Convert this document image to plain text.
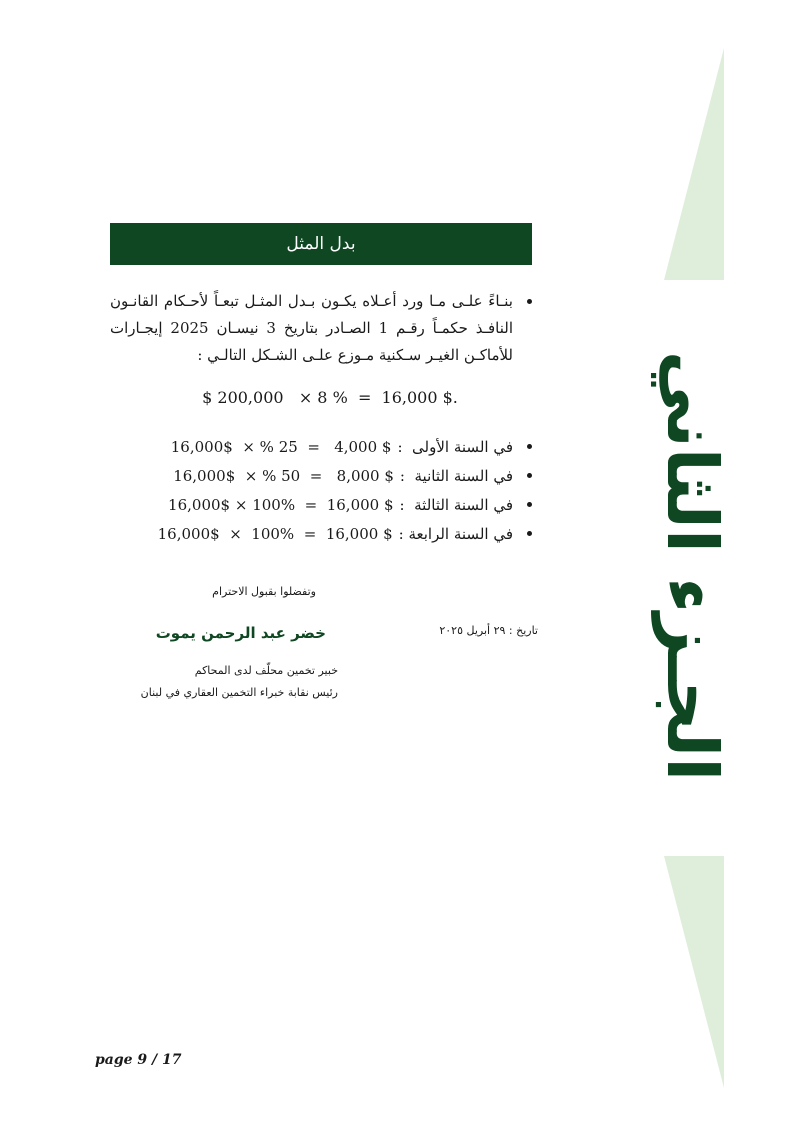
الجـزء الثاني
بدل المثل
بنـاءً علـى مـا ورد أعـلاه يكـون بـدل المثـل تبعـاً لأحـكام القانـون النافـذ حكمـاً رقـم 1 الصـادر بتاريخ 3 نيسـان 2025 إيجـارات للأماكـن الغيـر سـكنية مـوزع علـى الشـكل التالـي :
$ 200,000   × 8 %  =  16,000 $.
في السنة الأولى  :
$ 4,000   =  25 % ×  16,000$
في السنة الثانية  :
$ 8,000   =  50 % ×  16,000$
في السنة الثالثة  :
$ 16,000  =  100% × 16,000$
في السنة الرابعة :
$ 16,000  =  100%  ×  16,000$
وتفضلوا بقبول الاحترام
تاريخ : ٢٩ أبريل ٢٠٢٥
خضر عبد الرحمن يموت
خبير تخمين محلّف لدى المحاكم
رئيس نقابة خبراء التخمين العقاري في لبنان
page 9 / 17
